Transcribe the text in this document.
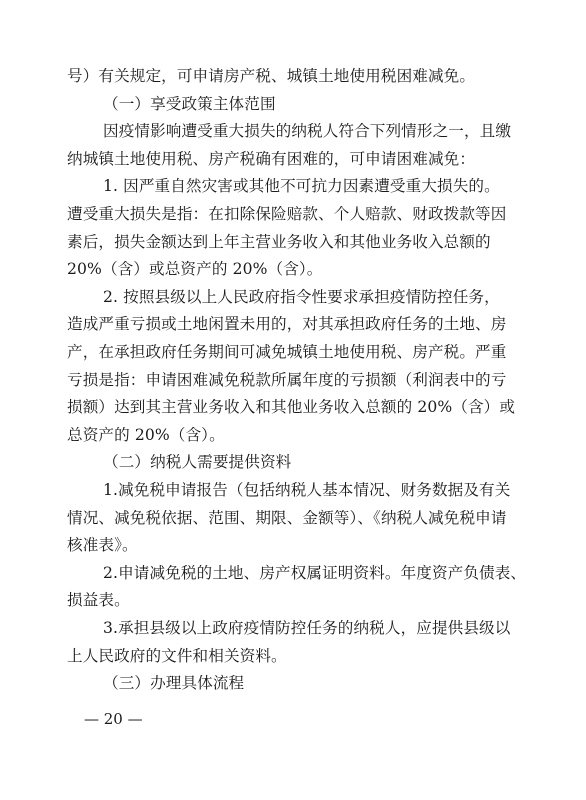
号）有关规定，可申请房产税、城镇土地使用税困难减免。
（一）享受政策主体范围
因疫情影响遭受重大损失的纳税人符合下列情形之一，且缴
纳城镇土地使用税、房产税确有困难的，可申请困难减免：
1. 因严重自然灾害或其他不可抗力因素遭受重大损失的。
遭受重大损失是指：在扣除保险赔款、个人赔款、财政拨款等因
素后，损失金额达到上年主营业务收入和其他业务收入总额的
20%（含）或总资产的 20%（含）。
2. 按照县级以上人民政府指令性要求承担疫情防控任务，
造成严重亏损或土地闲置未用的，对其承担政府任务的土地、房
产，在承担政府任务期间可减免城镇土地使用税、房产税。严重
亏损是指：申请困难减免税款所属年度的亏损额（利润表中的亏
损额）达到其主营业务收入和其他业务收入总额的 20%（含）或
总资产的 20%（含）。
（二）纳税人需要提供资料
1.减免税申请报告（包括纳税人基本情况、财务数据及有关
情况、减免税依据、范围、期限、金额等）、《纳税人减免税申请
核准表》。
2.申请减免税的土地、房产权属证明资料。年度资产负债表、
损益表。
3.承担县级以上政府疫情防控任务的纳税人，应提供县级以
上人民政府的文件和相关资料。
（三）办理具体流程
— 20 —
